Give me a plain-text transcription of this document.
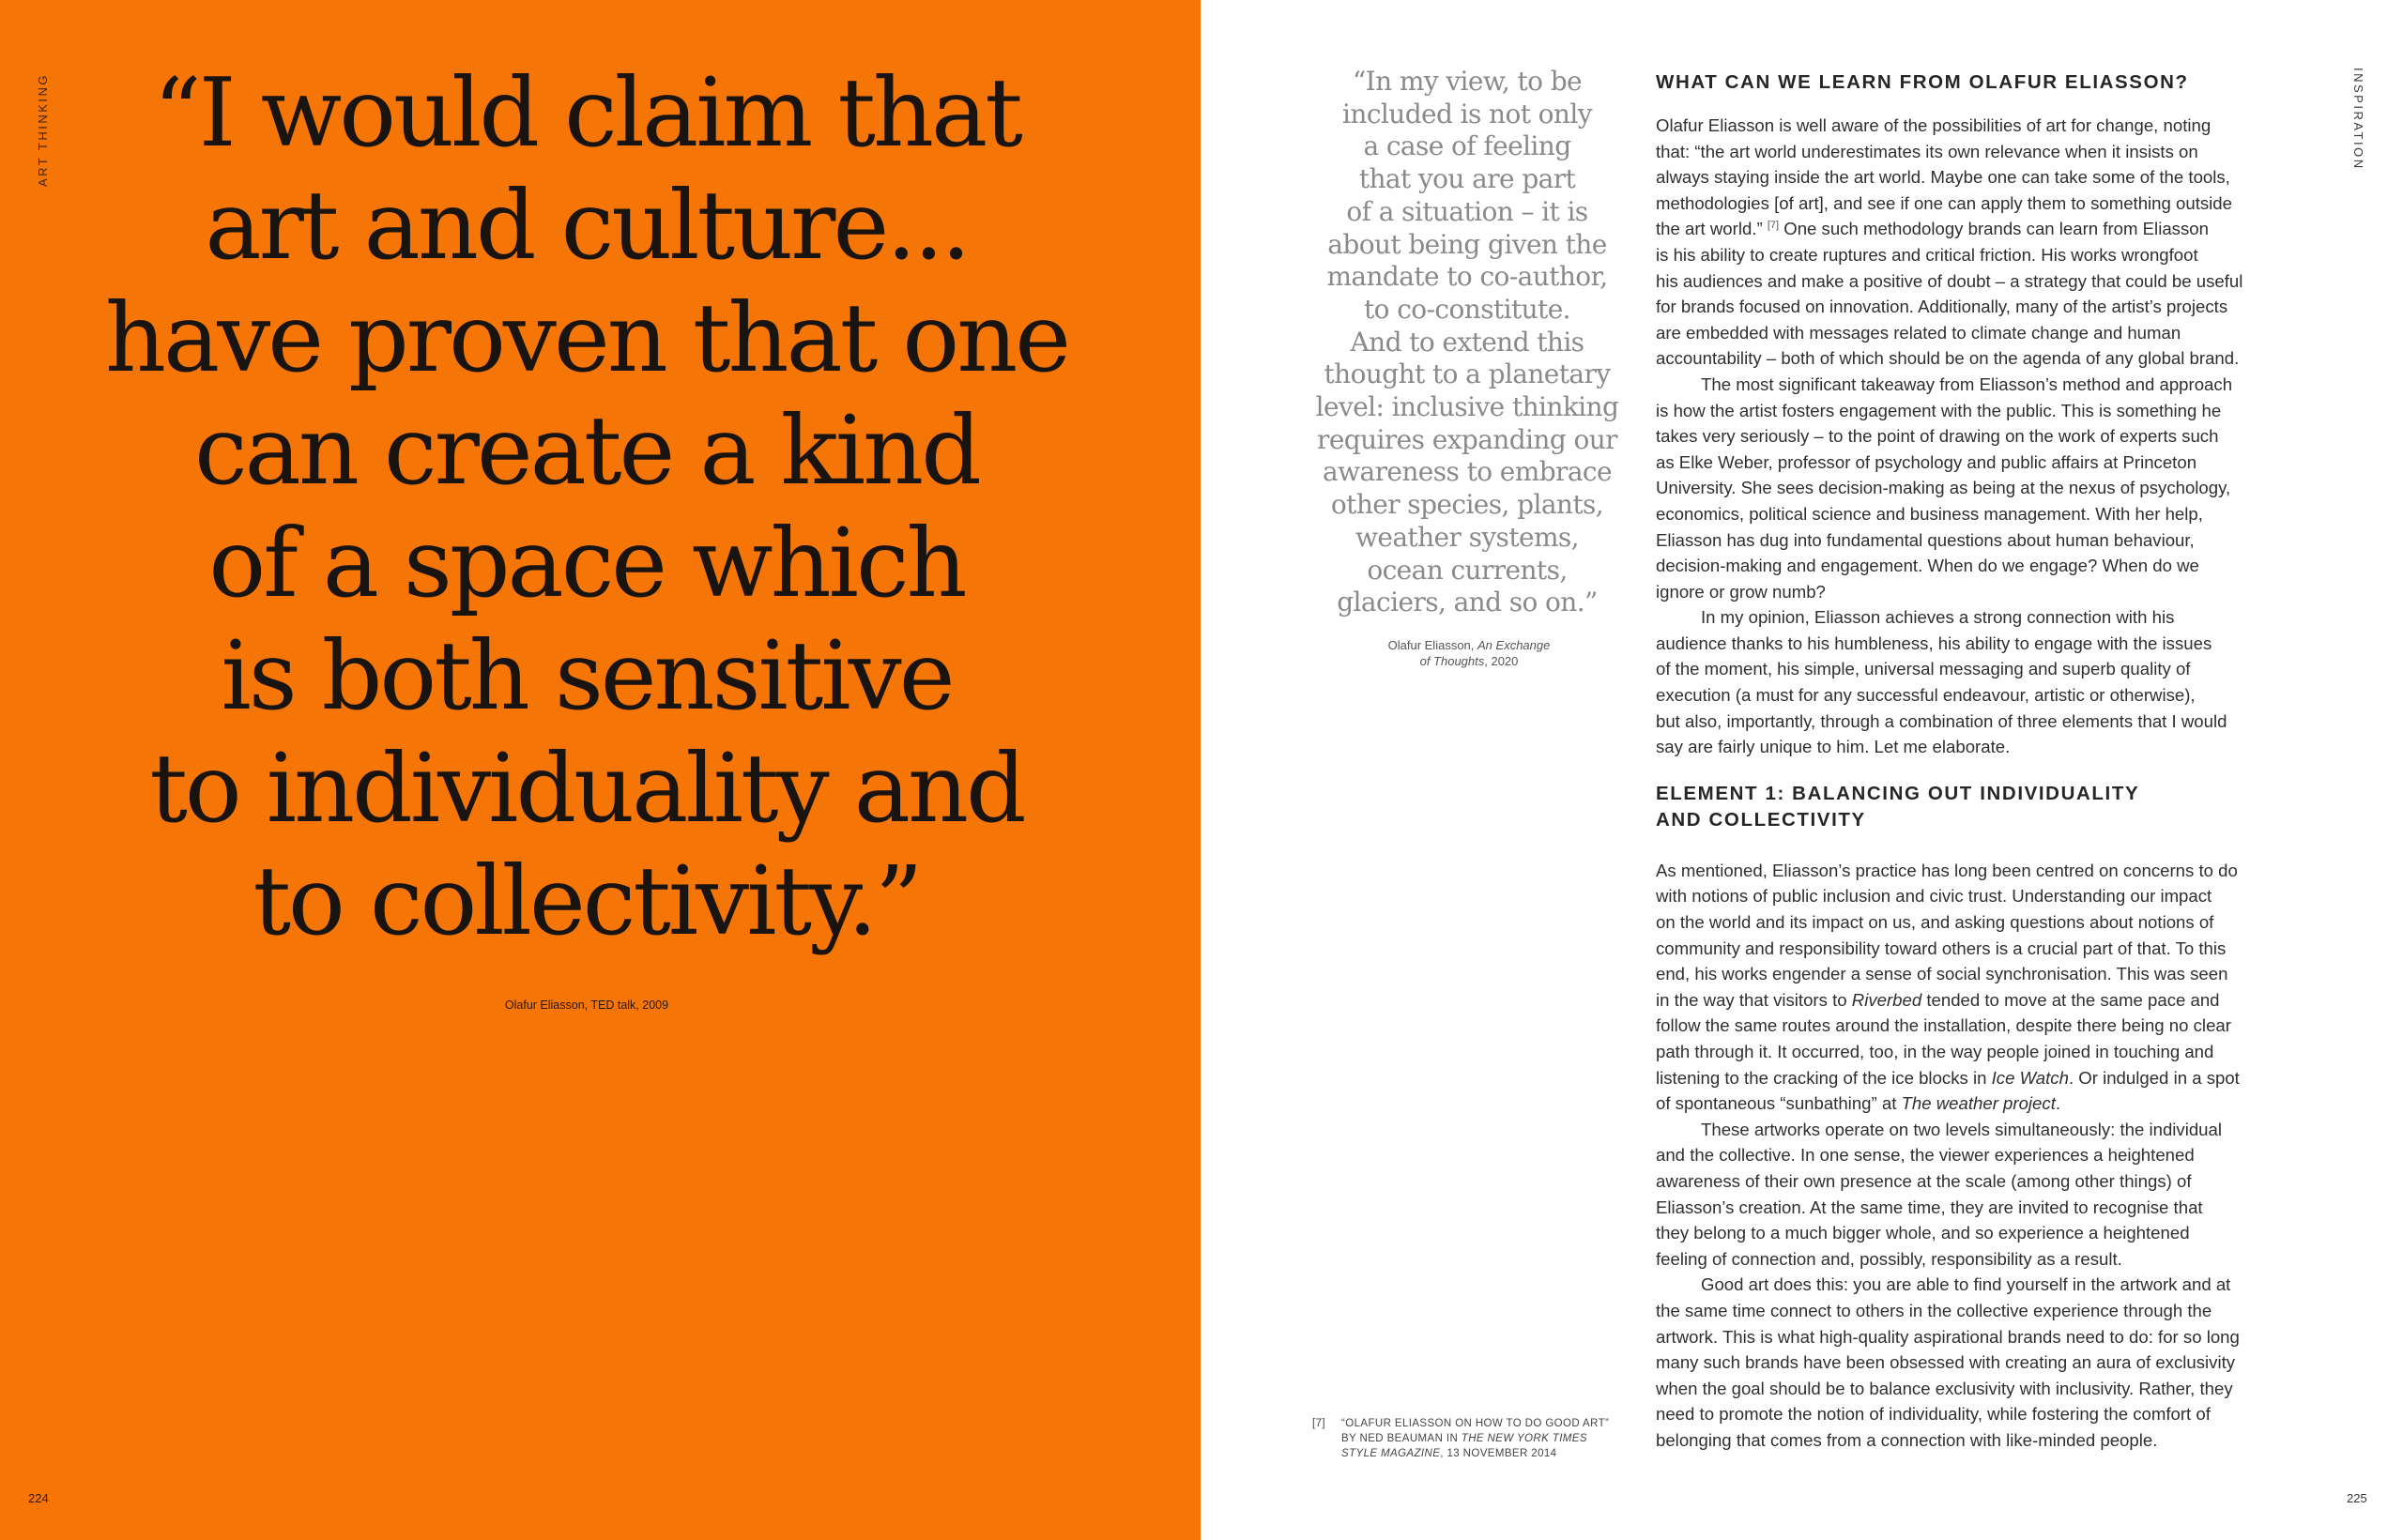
ART THINKING	“I would claim that
art and culture...
have proven that one
can create a kind
of a space which
is both sensitive
to individuality and
to collectivity.”
Olafur Eliasson, TED talk, 2009
224
INSPIRATION
“In my view, to be
included is not only
a case of feeling
that you are part
of a situation – it is
about being given the
mandate to co-author,
to co-constitute.
And to extend this
thought to a planetary
level: inclusive thinking
requires expanding our
awareness to embrace
other species, plants,
weather systems,
ocean currents,
glaciers, and so on.”
Olafur Eliasson, An Exchange
of Thoughts, 2020
[7] “OLAFUR ELIASSON ON HOW TO DO GOOD ART”
BY NED BEAUMAN IN THE NEW YORK TIMES
STYLE MAGAZINE, 13 NOVEMBER 2014
WHAT CAN WE LEARN FROM OLAFUR ELIASSON?
Olafur Eliasson is well aware of the possibilities of art for change, noting
that: “the art world underestimates its own relevance when it insists on
always staying inside the art world. Maybe one can take some of the tools,
methodologies [of art], and see if one can apply them to something outside
the art world.” [7] One such methodology brands can learn from Eliasson
is his ability to create ruptures and critical friction. His works wrongfoot
his audiences and make a positive of doubt – a strategy that could be useful
for brands focused on innovation. Additionally, many of the artist’s projects
are embedded with messages related to climate change and human
accountability – both of which should be on the agenda of any global brand.
The most significant takeaway from Eliasson’s method and approach
is how the artist fosters engagement with the public. This is something he
takes very seriously – to the point of drawing on the work of experts such
as Elke Weber, professor of psychology and public affairs at Princeton
University. She sees decision-making as being at the nexus of psychology,
economics, political science and business management. With her help,
Eliasson has dug into fundamental questions about human behaviour,
decision-making and engagement. When do we engage? When do we
ignore or grow numb?
In my opinion, Eliasson achieves a strong connection with his
audience thanks to his humbleness, his ability to engage with the issues
of the moment, his simple, universal messaging and superb quality of
execution (a must for any successful endeavour, artistic or otherwise),
but also, importantly, through a combination of three elements that I would
say are fairly unique to him. Let me elaborate.
ELEMENT 1: BALANCING OUT INDIVIDUALITY
AND COLLECTIVITY
As mentioned, Eliasson’s practice has long been centred on concerns to do
with notions of public inclusion and civic trust. Understanding our impact
on the world and its impact on us, and asking questions about notions of
community and responsibility toward others is a crucial part of that. To this
end, his works engender a sense of social synchronisation. This was seen
in the way that visitors to Riverbed tended to move at the same pace and
follow the same routes around the installation, despite there being no clear
path through it. It occurred, too, in the way people joined in touching and
listening to the cracking of the ice blocks in Ice Watch. Or indulged in a spot
of spontaneous “sunbathing” at The weather project.
These artworks operate on two levels simultaneously: the individual
and the collective. In one sense, the viewer experiences a heightened
awareness of their own presence at the scale (among other things) of
Eliasson’s creation. At the same time, they are invited to recognise that
they belong to a much bigger whole, and so experience a heightened
feeling of connection and, possibly, responsibility as a result.
Good art does this: you are able to find yourself in the artwork and at
the same time connect to others in the collective experience through the
artwork. This is what high-quality aspirational brands need to do: for so long
many such brands have been obsessed with creating an aura of exclusivity
when the goal should be to balance exclusivity with inclusivity. Rather, they
need to promote the notion of individuality, while fostering the comfort of
belonging that comes from a connection with like-minded people.
225
